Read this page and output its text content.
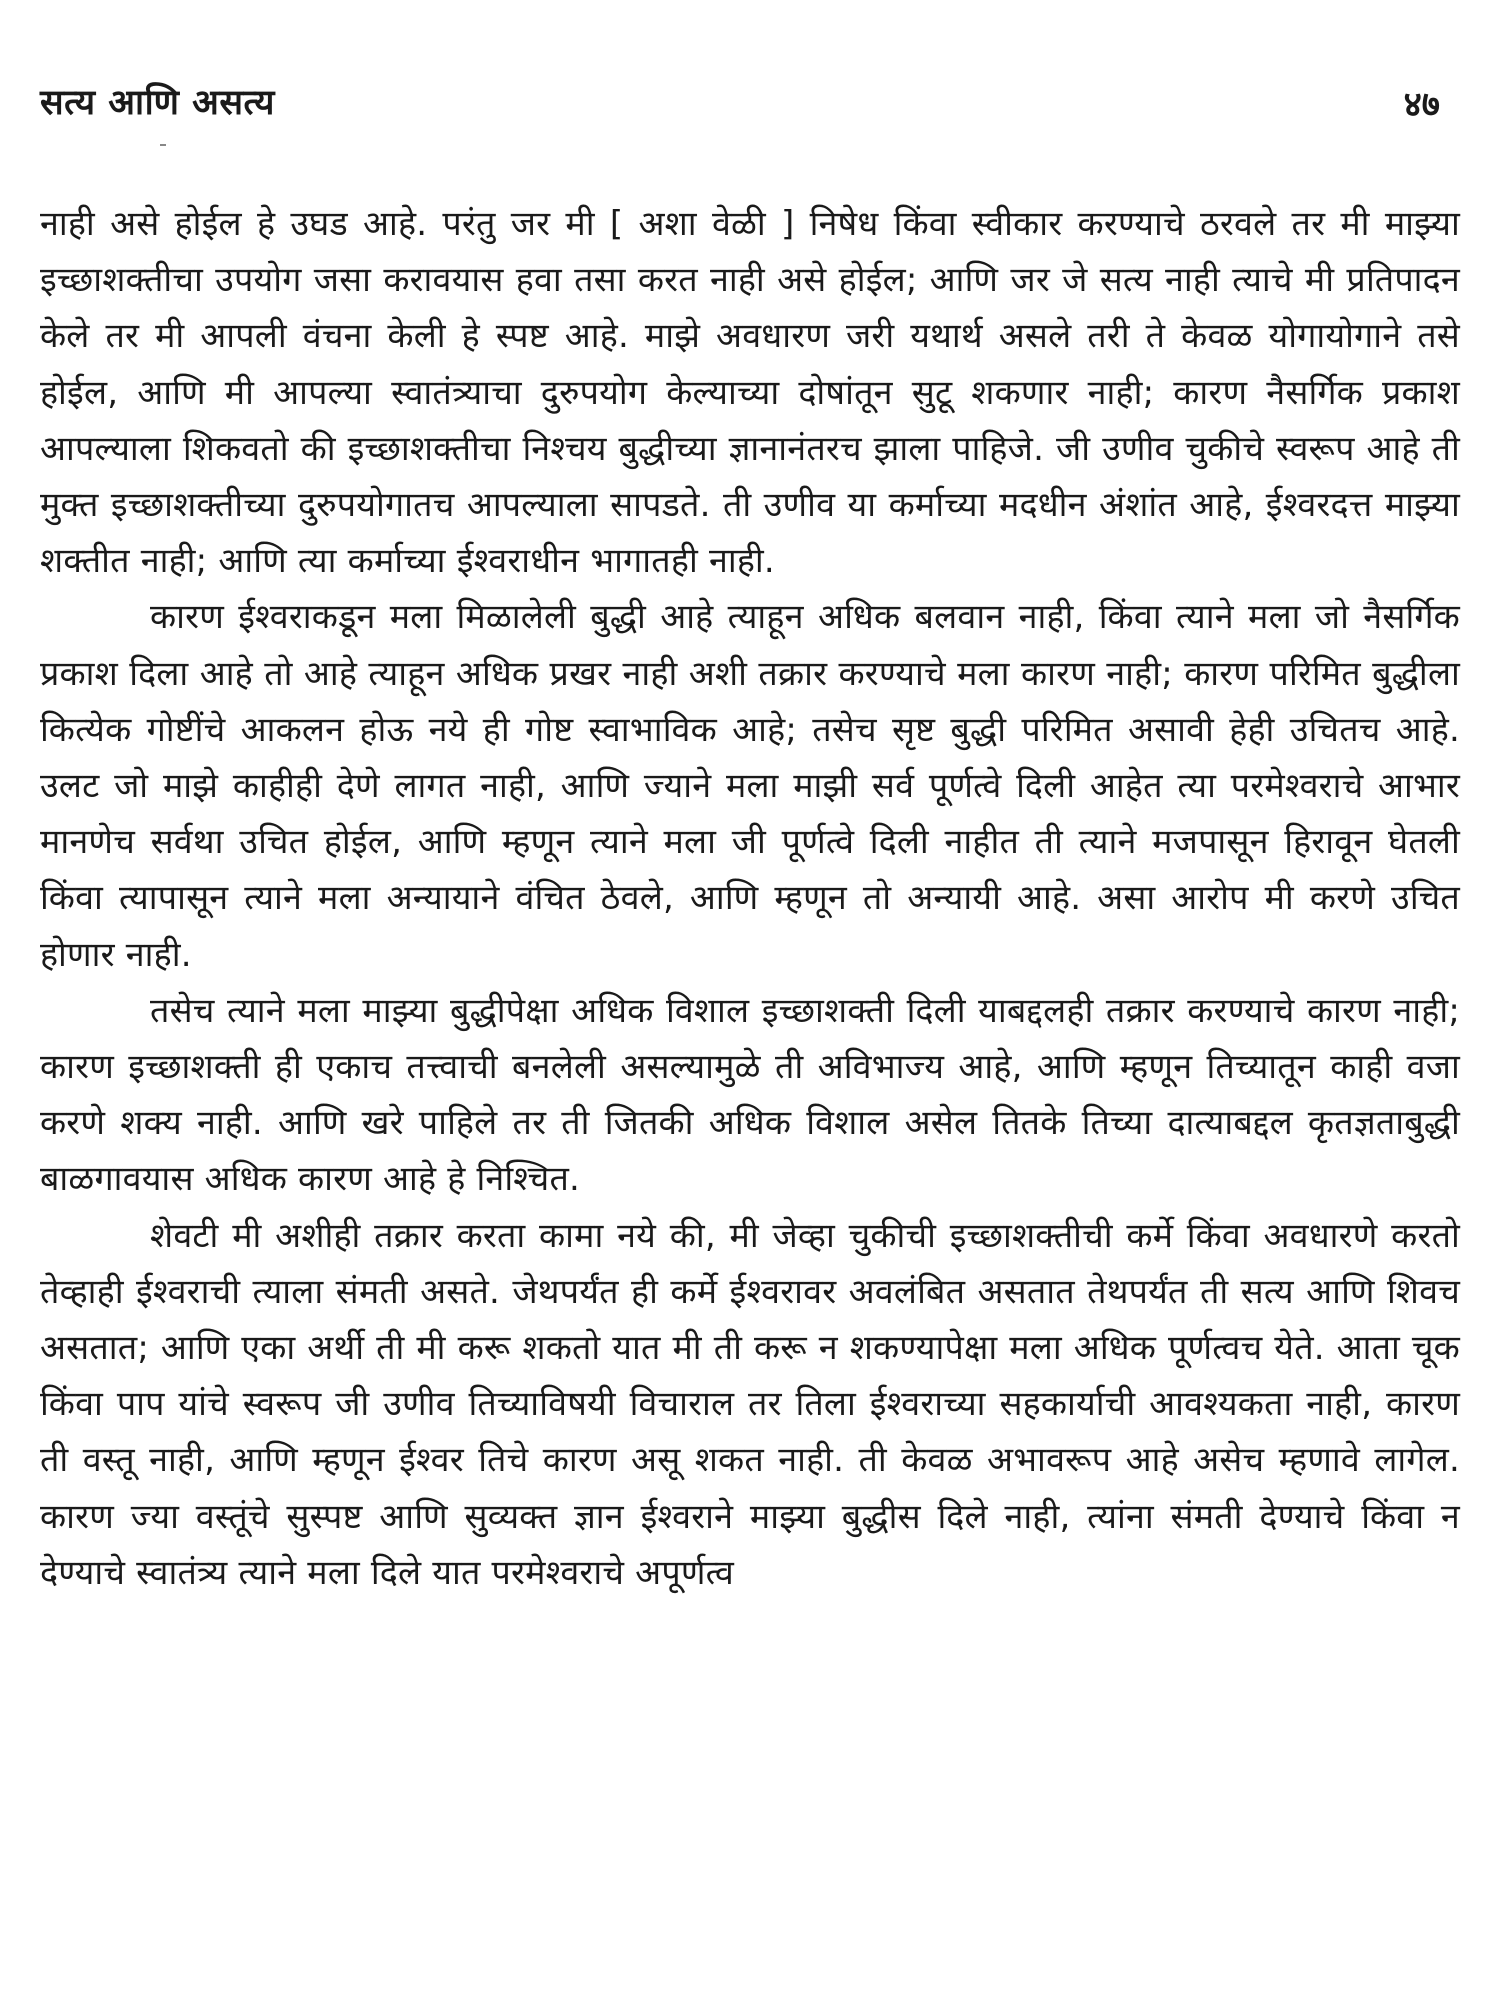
सत्य आणि असत्य	४७

नाही असे होईल हे उघड आहे. परंतु जर मी [ अशा वेळी ] निषेध किंवा स्वीकार करण्याचे ठरवले तर मी माझ्या इच्छाशक्तीचा उपयोग जसा करावयास हवा तसा करत नाही असे होईल; आणि जर जे सत्य नाही त्याचे मी प्रतिपादन केले तर मी आपली वंचना केली हे स्पष्ट आहे. माझे अवधारण जरी यथार्थ असले तरी ते केवळ योगायोगाने तसे होईल, आणि मी आपल्या स्वातंत्र्याचा दुरुपयोग केल्याच्या दोषांतून सुटू शकणार नाही; कारण नैसर्गिक प्रकाश आपल्याला शिकवतो की इच्छाशक्तीचा निश्चय बुद्धीच्या ज्ञानानंतरच झाला पाहिजे. जी उणीव चुकीचे स्वरूप आहे ती मुक्त इच्छाशक्तीच्या दुरुपयोगातच आपल्याला सापडते. ती उणीव या कर्माच्या मदधीन अंशांत आहे, ईश्वरदत्त माझ्या शक्तीत नाही; आणि त्या कर्माच्या ईश्वराधीन भागातही नाही.

कारण ईश्वराकडून मला मिळालेली बुद्धी आहे त्याहून अधिक बलवान नाही, किंवा त्याने मला जो नैसर्गिक प्रकाश दिला आहे तो आहे त्याहून अधिक प्रखर नाही अशी तक्रार करण्याचे मला कारण नाही; कारण परिमित बुद्धीला कित्येक गोष्टींचे आकलन होऊ नये ही गोष्ट स्वाभाविक आहे; तसेच सृष्ट बुद्धी परिमित असावी हेही उचितच आहे. उलट जो माझे काहीही देणे लागत नाही, आणि ज्याने मला माझी सर्व पूर्णत्वे दिली आहेत त्या परमेश्वराचे आभार मानणेच सर्वथा उचित होईल, आणि म्हणून त्याने मला जी पूर्णत्वे दिली नाहीत ती त्याने मजपासून हिरावून घेतली किंवा त्यापासून त्याने मला अन्यायाने वंचित ठेवले, आणि म्हणून तो अन्यायी आहे. असा आरोप मी करणे उचित होणार नाही.

तसेच त्याने मला माझ्या बुद्धीपेक्षा अधिक विशाल इच्छाशक्ती दिली याबद्दलही तक्रार करण्याचे कारण नाही; कारण इच्छाशक्ती ही एकाच तत्त्वाची बनलेली असल्यामुळे ती अविभाज्य आहे, आणि म्हणून तिच्यातून काही वजा करणे शक्य नाही. आणि खरे पाहिले तर ती जितकी अधिक विशाल असेल तितके तिच्या दात्याबद्दल कृतज्ञताबुद्धी बाळगावयास अधिक कारण आहे हे निश्चित.

शेवटी मी अशीही तक्रार करता कामा नये की, मी जेव्हा चुकीची इच्छाशक्तीची कर्मे किंवा अवधारणे करतो तेव्हाही ईश्वराची त्याला संमती असते. जेथपर्यंत ही कर्मे ईश्वरावर अवलंबित असतात तेथपर्यंत ती सत्य आणि शिवच असतात; आणि एका अर्थी ती मी करू शकतो यात मी ती करू न शकण्यापेक्षा मला अधिक पूर्णत्वच येते. आता चूक किंवा पाप यांचे स्वरूप जी उणीव तिच्याविषयी विचाराल तर तिला ईश्वराच्या सहकार्याची आवश्यकता नाही, कारण ती वस्तू नाही, आणि म्हणून ईश्वर तिचे कारण असू शकत नाही. ती केवळ अभावरूप आहे असेच म्हणावे लागेल. कारण ज्या वस्तूंचे सुस्पष्ट आणि सुव्यक्त ज्ञान ईश्वराने माझ्या बुद्धीस दिले नाही, त्यांना संमती देण्याचे किंवा न देण्याचे स्वातंत्र्य त्याने मला दिले यात परमेश्वराचे अपूर्णत्व
